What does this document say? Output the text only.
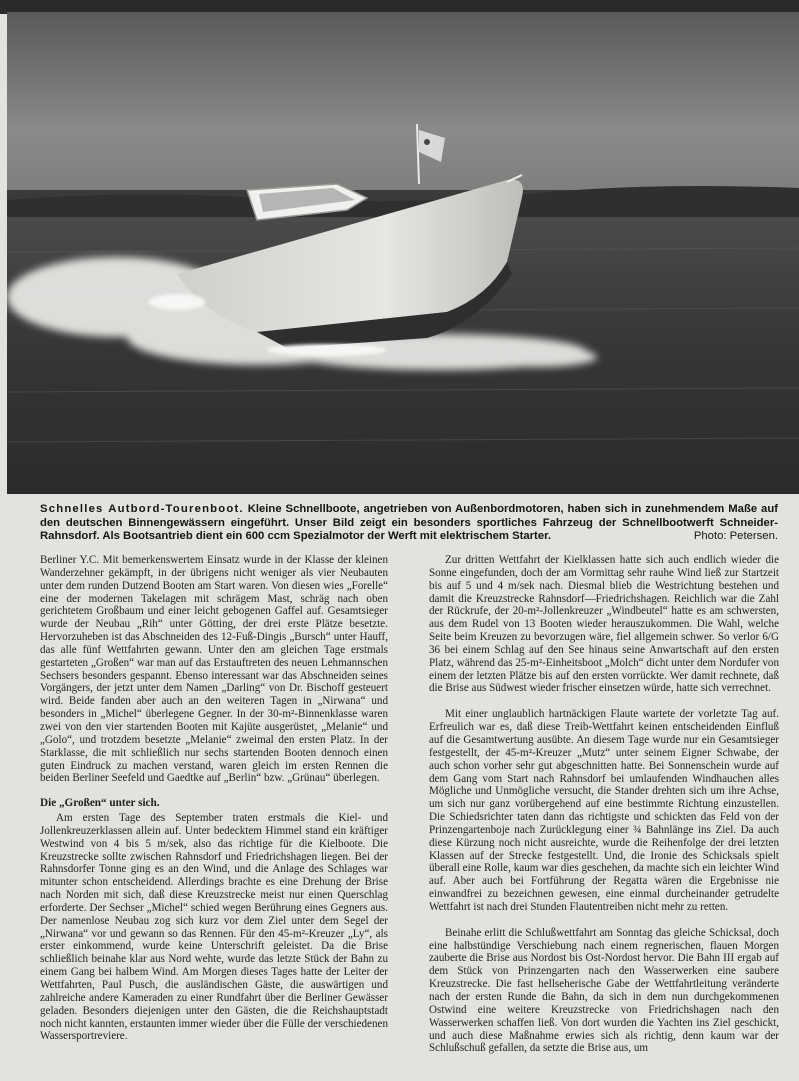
Schnelles Autbord-Tourenboot. Kleine Schnellboote, angetrieben von Außenbordmotoren, haben sich in zunehmendem Maße auf den deutschen Binnengewässern eingeführt. Unser Bild zeigt ein besonders sportliches Fahrzeug der Schnellbootwerft Schneider-Rahnsdorf. Als Bootsantrieb dient ein 600 ccm Spezialmotor der Werft mit elektrischem Starter.	Photo: Petersen.

Berliner Y.C. Mit bemerkenswertem Einsatz wurde in der Klasse der kleinen Wanderzehner gekämpft, in der übrigens nicht weniger als vier Neubauten unter dem runden Dutzend Booten am Start waren. Von diesen wies „Forelle“ eine der modernen Takelagen mit schrägem Mast, schräg nach oben gerichtetem Großbaum und einer leicht gebogenen Gaffel auf. Gesamtsieger wurde der Neubau „Rih“ unter Götting, der drei erste Plätze besetzte. Hervorzuheben ist das Abschneiden des 12-Fuß-Dingis „Bursch“ unter Hauff, das alle fünf Wettfahrten gewann. Unter den am gleichen Tage erstmals gestarteten „Großen“ war man auf das Erstauftreten des neuen Lehmannschen Sechsers besonders gespannt. Ebenso interessant war das Abschneiden seines Vorgängers, der jetzt unter dem Namen „Darling“ von Dr. Bischoff gesteuert wird. Beide fanden aber auch an den weiteren Tagen in „Nirwana“ und besonders in „Michel“ überlegene Gegner. In der 30-m²-Binnenklasse waren zwei von den vier startenden Booten mit Kajüte ausgerüstet, „Melanie“ und „Golo“, und trotzdem besetzte „Melanie“ zweimal den ersten Platz. In der Starklasse, die mit schließlich nur sechs startenden Booten dennoch einen guten Eindruck zu machen verstand, waren gleich im ersten Rennen die beiden Berliner Seefeld und Gaedtke auf „Berlin“ bzw. „Grünau“ überlegen.

Die „Großen“ unter sich.

Am ersten Tage des September traten erstmals die Kiel- und Jollenkreuzerklassen allein auf. Unter bedecktem Himmel stand ein kräftiger Westwind von 4 bis 5 m/sek, also das richtige für die Kielboote. Die Kreuzstrecke sollte zwischen Rahnsdorf und Friedrichshagen liegen. Bei der Rahnsdorfer Tonne ging es an den Wind, und die Anlage des Schlages war mitunter schon entscheidend. Allerdings brachte es eine Drehung der Brise nach Norden mit sich, daß diese Kreuzstrecke meist nur einen Querschlag erforderte. Der Sechser „Michel“ schied wegen Berührung eines Gegners aus. Der namenlose Neubau zog sich kurz vor dem Ziel unter dem Segel der „Nirwana“ vor und gewann so das Rennen. Für den 45-m²-Kreuzer „Ly“, als erster einkommend, wurde keine Unterschrift geleistet. Da die Brise schließlich beinahe klar aus Nord wehte, wurde das letzte Stück der Bahn zu einem Gang bei halbem Wind. Am Morgen dieses Tages hatte der Leiter der Wettfahrten, Paul Pusch, die ausländischen Gäste, die auswärtigen und zahlreiche andere Kameraden zu einer Rundfahrt über die Berliner Gewässer geladen. Besonders diejenigen unter den Gästen, die die Reichshauptstadt noch nicht kannten, erstaunten immer wieder über die Fülle der verschiedenen Wassersportreviere.

Zur dritten Wettfahrt der Kielklassen hatte sich auch endlich wieder die Sonne eingefunden, doch der am Vormittag sehr rauhe Wind ließ zur Startzeit bis auf 5 und 4 m/sek nach. Diesmal blieb die Westrichtung bestehen und damit die Kreuzstrecke Rahnsdorf—Friedrichshagen. Reichlich war die Zahl der Rückrufe, der 20-m²-Jollenkreuzer „Windbeutel“ hatte es am schwersten, aus dem Rudel von 13 Booten wieder herauszukommen. Die Wahl, welche Seite beim Kreuzen zu bevorzugen wäre, fiel allgemein schwer. So verlor 6/G 36 bei einem Schlag auf den See hinaus seine Anwartschaft auf den ersten Platz, während das 25-m²-Einheitsboot „Molch“ dicht unter dem Nordufer von einem der letzten Plätze bis auf den ersten vorrückte. Wer damit rechnete, daß die Brise aus Südwest wieder frischer einsetzen würde, hatte sich verrechnet.

Mit einer unglaublich hartnäckigen Flaute wartete der vorletzte Tag auf. Erfreulich war es, daß diese Treib-Wettfahrt keinen entscheidenden Einfluß auf die Gesamtwertung ausübte. An diesem Tage wurde nur ein Gesamtsieger festgestellt, der 45-m²-Kreuzer „Mutz“ unter seinem Eigner Schwabe, der auch schon vorher sehr gut abgeschnitten hatte. Bei Sonnenschein wurde auf dem Gang vom Start nach Rahnsdorf bei umlaufenden Windhauchen alles Mögliche und Unmögliche versucht, die Stander drehten sich um ihre Achse, um sich nur ganz vorübergehend auf eine bestimmte Richtung einzustellen. Die Schiedsrichter taten dann das richtigste und schickten das Feld von der Prinzengartenboje nach Zurücklegung einer ¾ Bahnlänge ins Ziel. Da auch diese Kürzung noch nicht ausreichte, wurde die Reihenfolge der drei letzten Klassen auf der Strecke festgestellt. Und, die Ironie des Schicksals spielt überall eine Rolle, kaum war dies geschehen, da machte sich ein leichter Wind auf. Aber auch bei Fortführung der Regatta wären die Ergebnisse nie einwandfrei zu bezeichnen gewesen, eine einmal durcheinander getrudelte Wettfahrt ist nach drei Stunden Flautentreiben nicht mehr zu retten.

Beinahe erlitt die Schlußwettfahrt am Sonntag das gleiche Schicksal, doch eine halbstündige Verschiebung nach einem regnerischen, flauen Morgen zauberte die Brise aus Nordost bis Ost-Nordost hervor. Die Bahn III ergab auf dem Stück von Prinzengarten nach den Wasserwerken eine saubere Kreuzstrecke. Die fast hellseherische Gabe der Wettfahrtleitung veränderte nach der ersten Runde die Bahn, da sich in dem nun durchgekommenen Ostwind eine weitere Kreuzstrecke von Friedrichshagen nach den Wasserwerken schaffen ließ. Von dort wurden die Yachten ins Ziel geschickt, und auch diese Maßnahme erwies sich als richtig, denn kaum war der Schlußschuß gefallen, da setzte die Brise aus, um
